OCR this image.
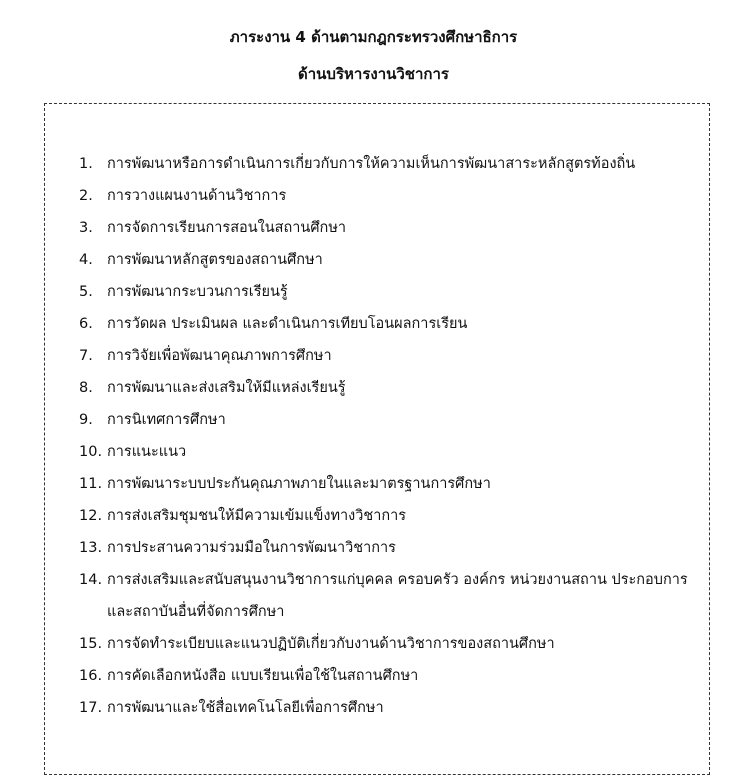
ภาระงาน 4 ด้านตามกฎกระทรวงศึกษาธิการ
ด้านบริหารงานวิชาการ
1. การพัฒนาหรือการดำเนินการเกี่ยวกับการให้ความเห็นการพัฒนาสาระหลักสูตรท้องถิ่น
2. การวางแผนงานด้านวิชาการ
3. การจัดการเรียนการสอนในสถานศึกษา
4. การพัฒนาหลักสูตรของสถานศึกษา
5. การพัฒนากระบวนการเรียนรู้
6. การวัดผล ประเมินผล และดำเนินการเทียบโอนผลการเรียน
7. การวิจัยเพื่อพัฒนาคุณภาพการศึกษา
8. การพัฒนาและส่งเสริมให้มีแหล่งเรียนรู้
9. การนิเทศการศึกษา
10. การแนะแนว
11. การพัฒนาระบบประกันคุณภาพภายในและมาตรฐานการศึกษา
12. การส่งเสริมชุมชนให้มีความเข้มแข็งทางวิชาการ
13. การประสานความร่วมมือในการพัฒนาวิชาการ
14. การส่งเสริมและสนับสนุนงานวิชาการแก่บุคคล ครอบครัว องค์กร หน่วยงานสถาน ประกอบการ และสถาบันอื่นที่จัดการศึกษา
15. การจัดทำระเบียบและแนวปฏิบัติเกี่ยวกับงานด้านวิชาการของสถานศึกษา
16. การคัดเลือกหนังสือ แบบเรียนเพื่อใช้ในสถานศึกษา
17. การพัฒนาและใช้สื่อเทคโนโลยีเพื่อการศึกษา
